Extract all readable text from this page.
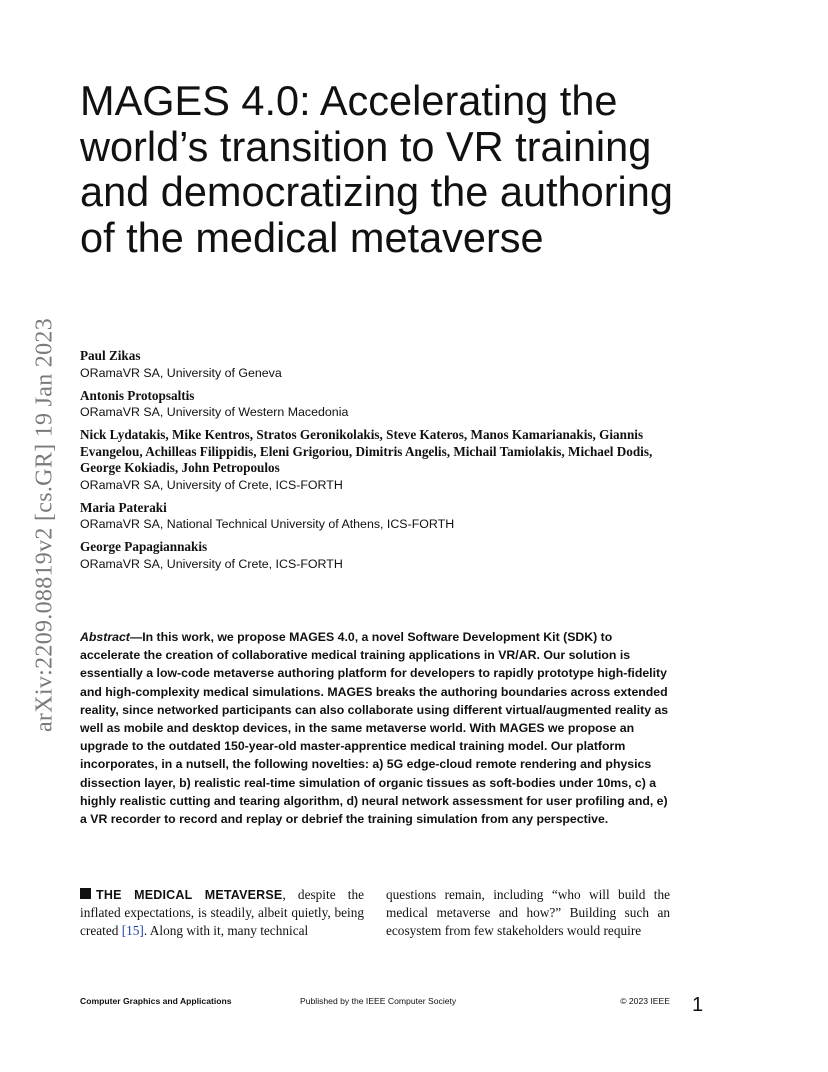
arXiv:2209.08819v2 [cs.GR] 19 Jan 2023
MAGES 4.0: Accelerating the world’s transition to VR training and democratizing the authoring of the medical metaverse
Paul Zikas
ORamaVR SA, University of Geneva
Antonis Protopsaltis
ORamaVR SA, University of Western Macedonia
Nick Lydatakis, Mike Kentros, Stratos Geronikolakis, Steve Kateros, Manos Kamarianakis, Giannis Evangelou, Achilleas Filippidis, Eleni Grigoriou, Dimitris Angelis, Michail Tamiolakis, Michael Dodis, George Kokiadis, John Petropoulos
ORamaVR SA, University of Crete, ICS-FORTH
Maria Pateraki
ORamaVR SA, National Technical University of Athens, ICS-FORTH
George Papagiannakis
ORamaVR SA, University of Crete, ICS-FORTH

Abstract—In this work, we propose MAGES 4.0, a novel Software Development Kit (SDK) to accelerate the creation of collaborative medical training applications in VR/AR. Our solution is essentially a low-code metaverse authoring platform for developers to rapidly prototype high-fidelity and high-complexity medical simulations. MAGES breaks the authoring boundaries across extended reality, since networked participants can also collaborate using different virtual/augmented reality as well as mobile and desktop devices, in the same metaverse world. With MAGES we propose an upgrade to the outdated 150-year-old master-apprentice medical training model. Our platform incorporates, in a nutsell, the following novelties: a) 5G edge-cloud remote rendering and physics dissection layer, b) realistic real-time simulation of organic tissues as soft-bodies under 10ms, c) a highly realistic cutting and tearing algorithm, d) neural network assessment for user profiling and, e) a VR recorder to record and replay or debrief the training simulation from any perspective.

THE MEDICAL METAVERSE, despite the inflated expectations, is steadily, albeit quietly, being created [15]. Along with it, many technical

questions remain, including “who will build the medical metaverse and how?” Building such an ecosystem from few stakeholders would require

Computer Graphics and Applications	Published by the IEEE Computer Society	© 2023 IEEE 1
